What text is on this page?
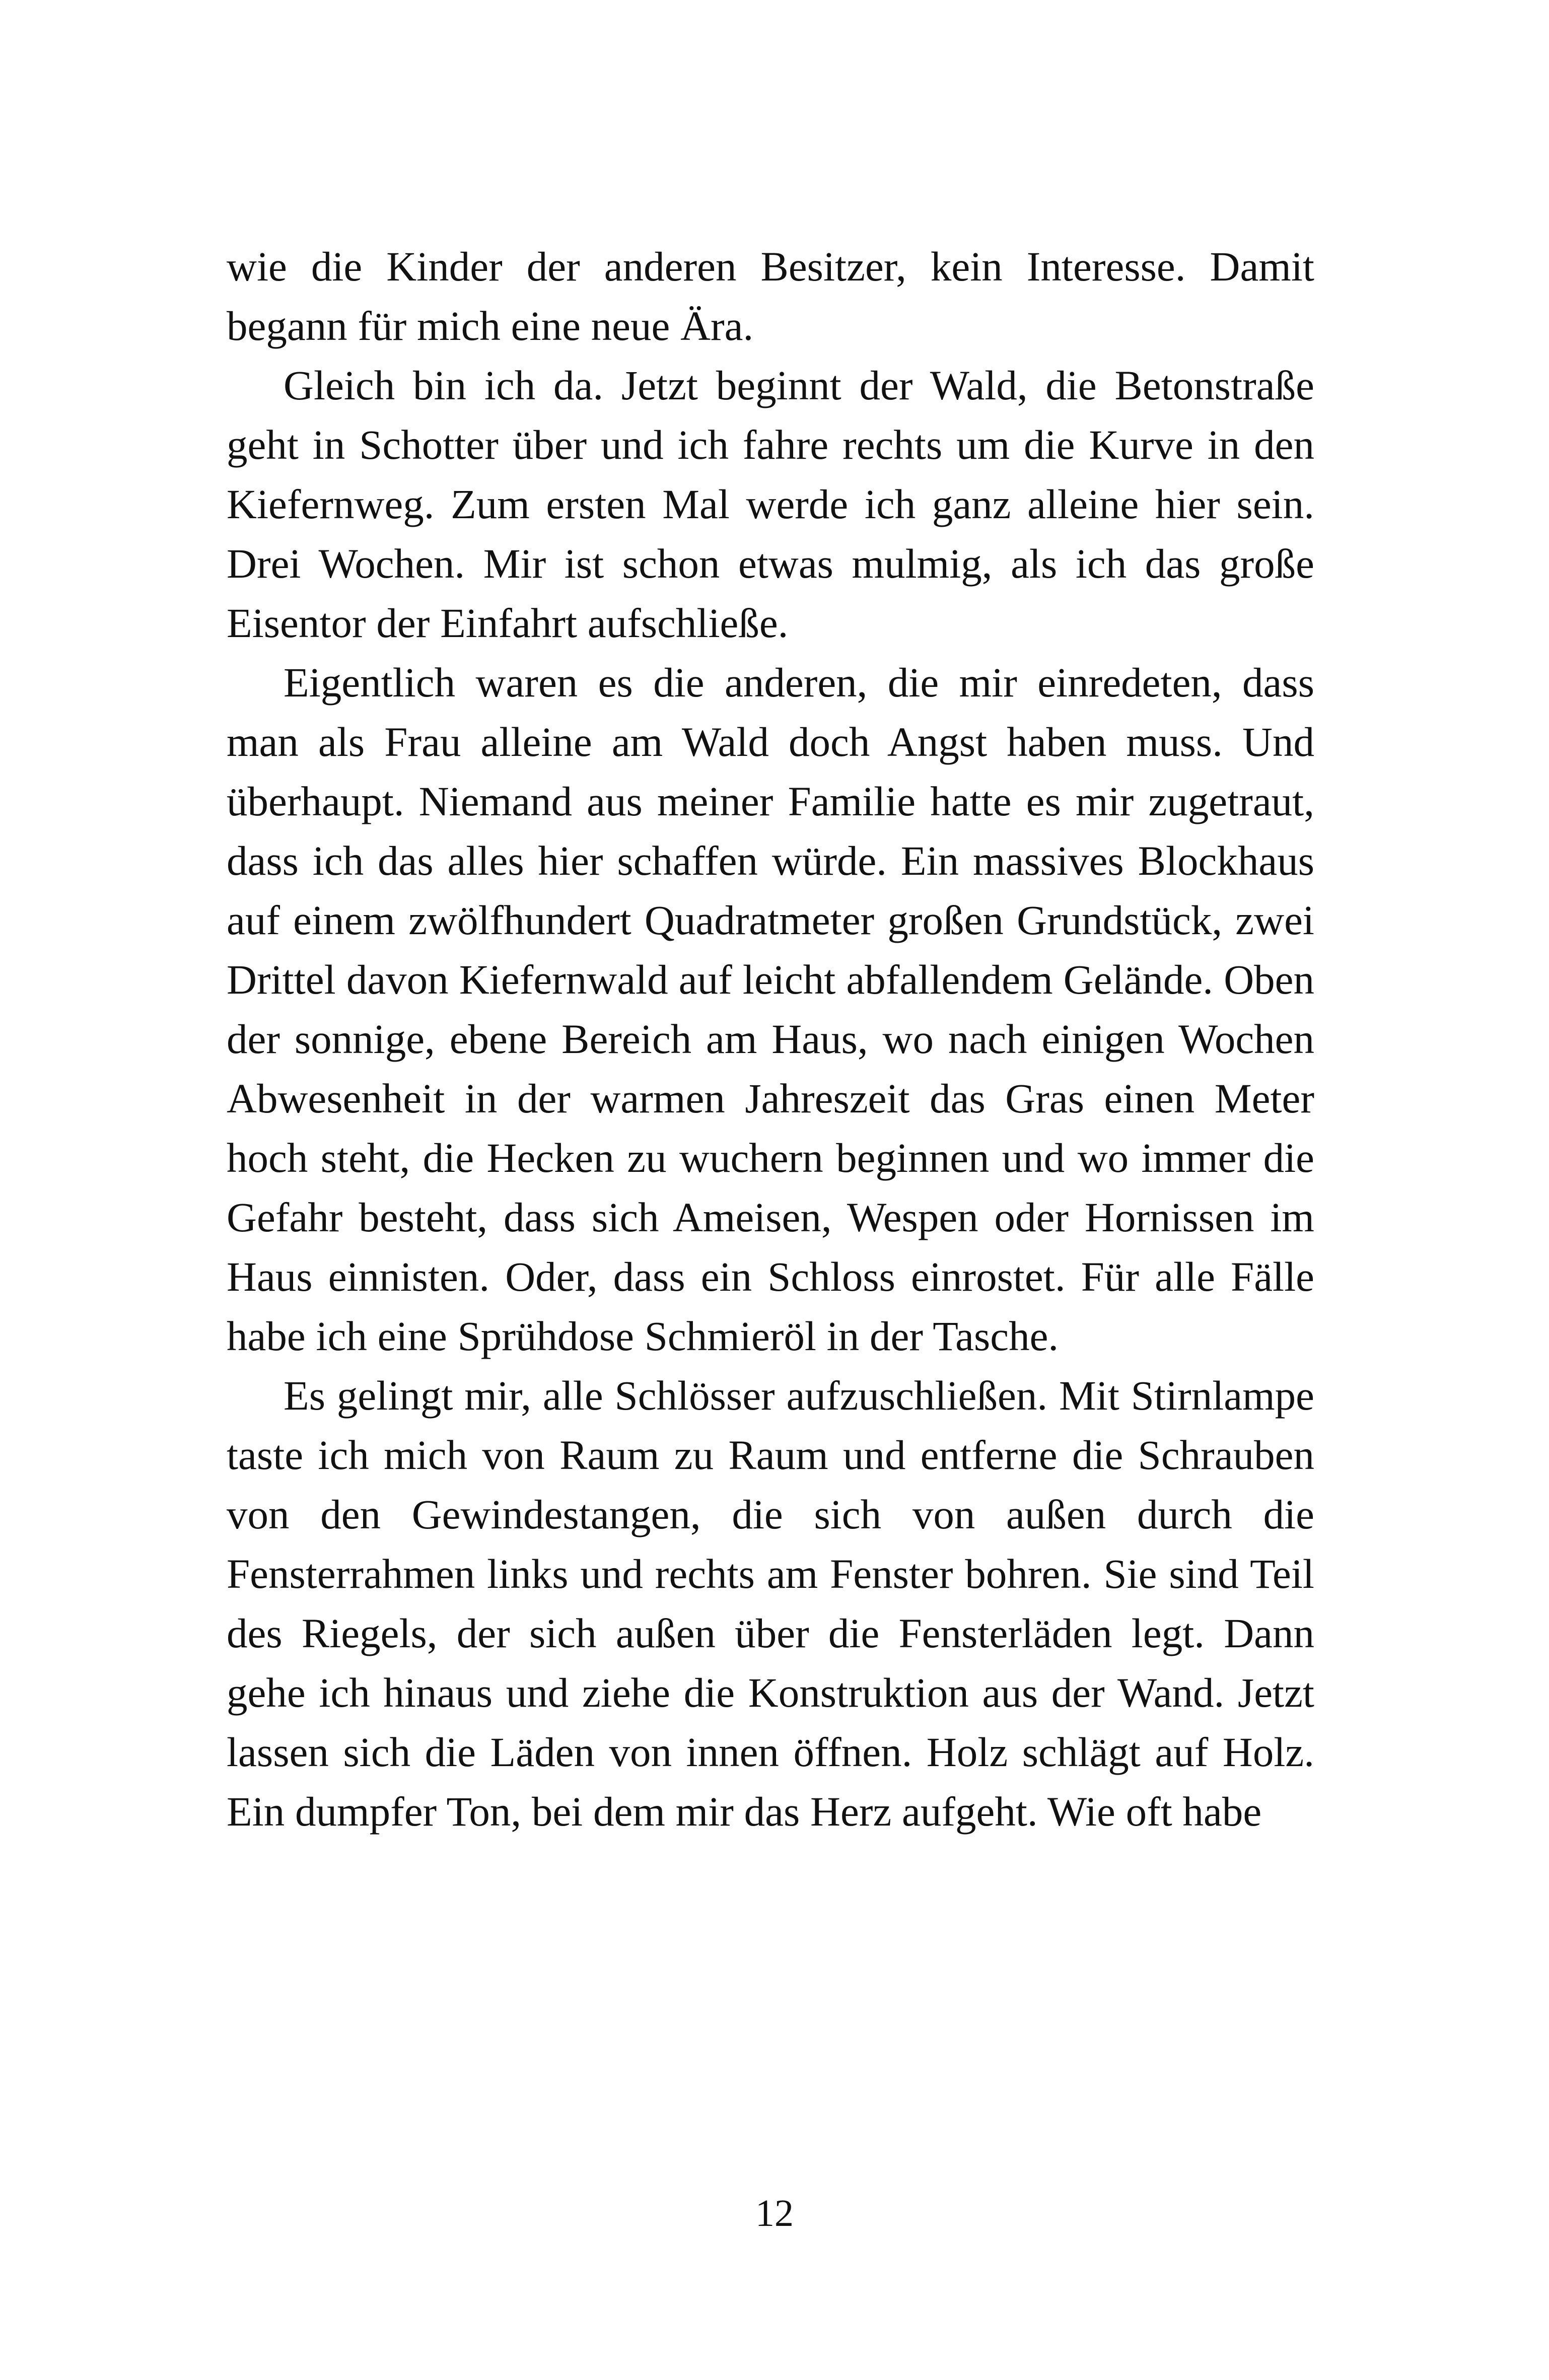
wie die Kinder der anderen Besitzer, kein Interesse. Damit begann für mich eine neue Ära.

Gleich bin ich da. Jetzt beginnt der Wald, die Betonstraße geht in Schotter über und ich fahre rechts um die Kurve in den Kiefernweg. Zum ersten Mal werde ich ganz alleine hier sein. Drei Wochen. Mir ist schon etwas mulmig, als ich das große Eisentor der Einfahrt aufschließe.

Eigentlich waren es die anderen, die mir einredeten, dass man als Frau alleine am Wald doch Angst haben muss. Und überhaupt. Niemand aus meiner Familie hatte es mir zugetraut, dass ich das alles hier schaffen würde. Ein massives Blockhaus auf einem zwölfhundert Quadratmeter großen Grundstück, zwei Drittel davon Kiefernwald auf leicht abfallendem Gelände. Oben der sonnige, ebene Bereich am Haus, wo nach einigen Wochen Abwesenheit in der warmen Jahreszeit das Gras einen Meter hoch steht, die Hecken zu wuchern beginnen und wo immer die Gefahr besteht, dass sich Ameisen, Wespen oder Hornissen im Haus einnisten. Oder, dass ein Schloss einrostet. Für alle Fälle habe ich eine Sprühdose Schmieröl in der Tasche.

Es gelingt mir, alle Schlösser aufzuschließen. Mit Stirnlampe taste ich mich von Raum zu Raum und entferne die Schrauben von den Gewindestangen, die sich von außen durch die Fensterrahmen links und rechts am Fenster bohren. Sie sind Teil des Riegels, der sich außen über die Fensterläden legt. Dann gehe ich hinaus und ziehe die Konstruktion aus der Wand. Jetzt lassen sich die Läden von innen öffnen. Holz schlägt auf Holz. Ein dumpfer Ton, bei dem mir das Herz aufgeht. Wie oft habe

12
